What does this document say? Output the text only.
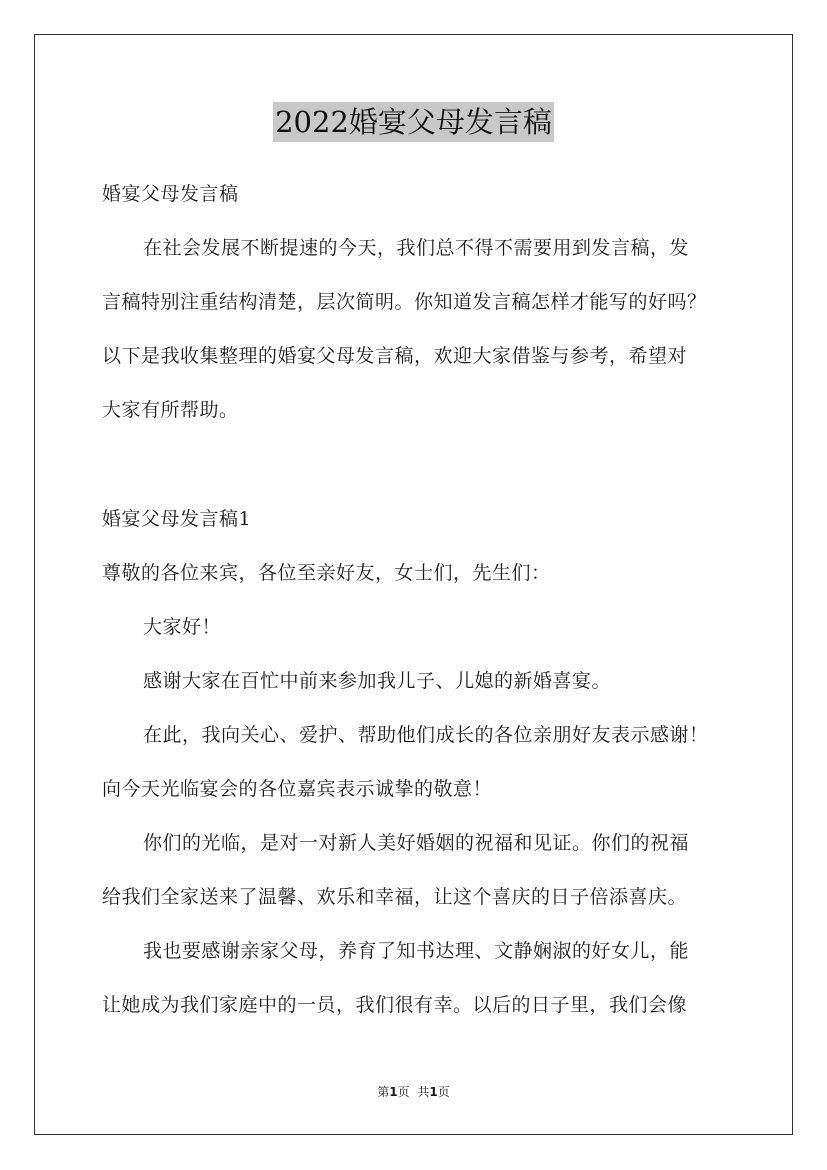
2022婚宴父母发言稿
婚宴父母发言稿
在社会发展不断提速的今天，我们总不得不需要用到发言稿，发
言稿特别注重结构清楚，层次简明。你知道发言稿怎样才能写的好吗？
以下是我收集整理的婚宴父母发言稿，欢迎大家借鉴与参考，希望对
大家有所帮助。
婚宴父母发言稿1
尊敬的各位来宾，各位至亲好友，女士们，先生们：
大家好！
感谢大家在百忙中前来参加我儿子、儿媳的新婚喜宴。
在此，我向关心、爱护、帮助他们成长的各位亲朋好友表示感谢！
向今天光临宴会的各位嘉宾表示诚挚的敬意！
你们的光临，是对一对新人美好婚姻的祝福和见证。你们的祝福
给我们全家送来了温馨、欢乐和幸福，让这个喜庆的日子倍添喜庆。
我也要感谢亲家父母，养育了知书达理、文静娴淑的好女儿，能
让她成为我们家庭中的一员，我们很有幸。以后的日子里，我们会像
第1页 共1页
